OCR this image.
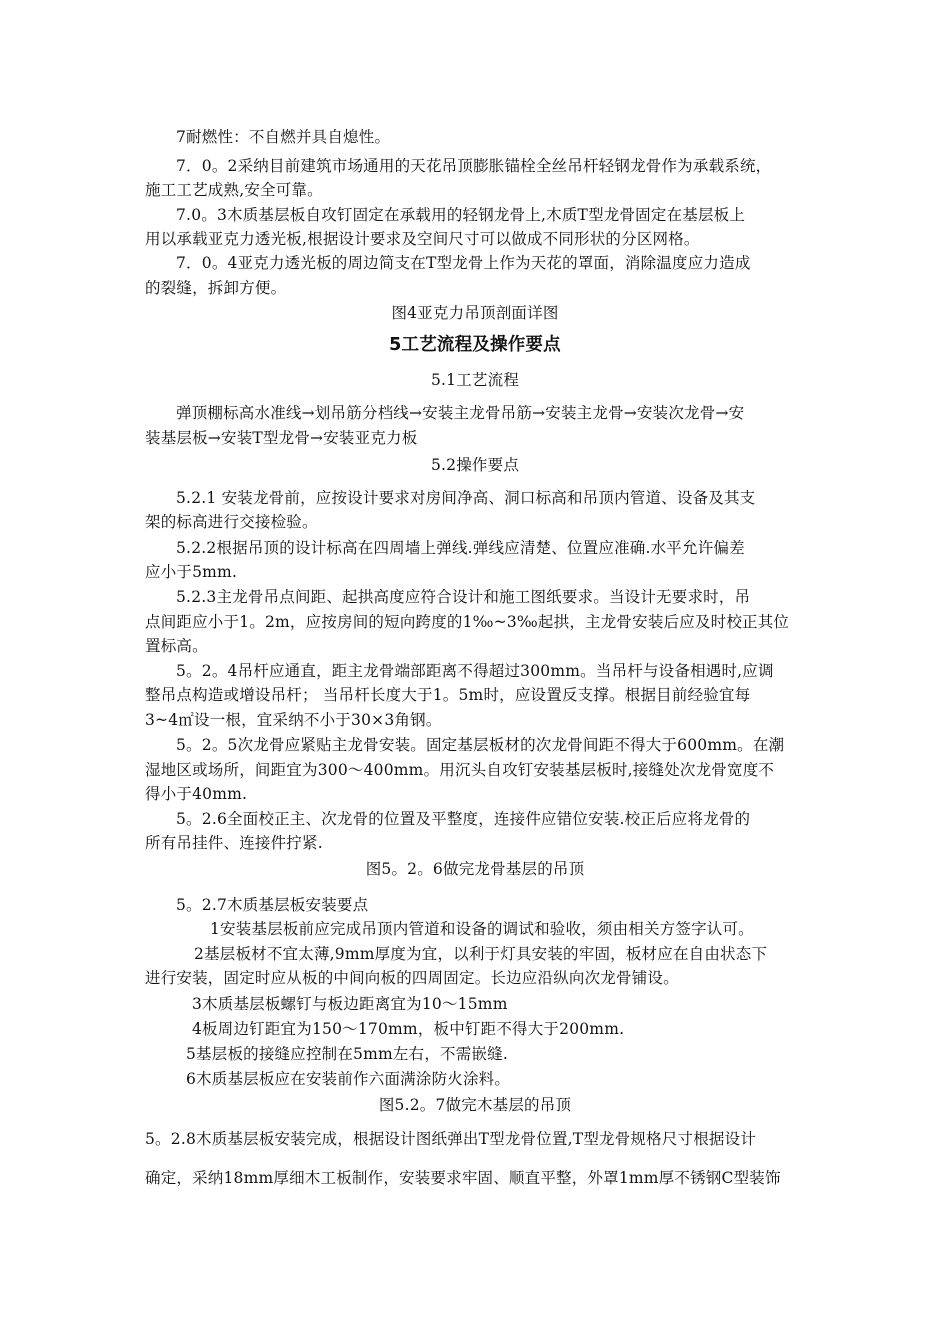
7耐燃性：不自燃并具自熄性。
7．0。2采纳目前建筑市场通用的天花吊顶膨胀锚栓全丝吊杆轻钢龙骨作为承载系统，
施工工艺成熟,安全可靠。
7.0。3木质基层板自攻钉固定在承载用的轻钢龙骨上,木质T型龙骨固定在基层板上
用以承载亚克力透光板,根据设计要求及空间尺寸可以做成不同形状的分区网格。
7．0。4亚克力透光板的周边简支在T型龙骨上作为天花的罩面，消除温度应力造成
的裂缝，拆卸方便。
图4亚克力吊顶剖面详图
5工艺流程及操作要点
5.1工艺流程
弹顶棚标高水准线→划吊筋分档线→安装主龙骨吊筋→安装主龙骨→安装次龙骨→安
装基层板→安装T型龙骨→安装亚克力板
5.2操作要点
5.2.1 安装龙骨前，应按设计要求对房间净高、洞口标高和吊顶内管道、设备及其支
架的标高进行交接检验。
5.2.2根据吊顶的设计标高在四周墙上弹线.弹线应清楚、位置应准确.水平允许偏差
应小于5mm.
5.2.3主龙骨吊点间距、起拱高度应符合设计和施工图纸要求。当设计无要求时，吊
点间距应小于1。2m，应按房间的短向跨度的1‰~3‰起拱，主龙骨安装后应及时校正其位
置标高。
5。2。4吊杆应通直，距主龙骨端部距离不得超过300mm。当吊杆与设备相遇时,应调
整吊点构造或增设吊杆； 当吊杆长度大于1。5m时，应设置反支撑。根据目前经验宜每
3~4㎡设一根，宜采纳不小于30×3角钢。
5。2。5次龙骨应紧贴主龙骨安装。固定基层板材的次龙骨间距不得大于600mm。在潮
湿地区或场所，间距宜为300～400mm。用沉头自攻钉安装基层板时,接缝处次龙骨宽度不
得小于40mm.
5。2.6全面校正主、次龙骨的位置及平整度，连接件应错位安装.校正后应将龙骨的
所有吊挂件、连接件拧紧.
图5。2。6做完龙骨基层的吊顶
5。2.7木质基层板安装要点
1安装基层板前应完成吊顶内管道和设备的调试和验收，须由相关方签字认可。
2基层板材不宜太薄,9mm厚度为宜，以利于灯具安装的牢固，板材应在自由状态下
进行安装，固定时应从板的中间向板的四周固定。长边应沿纵向次龙骨铺设。
3木质基层板螺钉与板边距离宜为10～15mm
4板周边钉距宜为150～170mm，板中钉距不得大于200mm.
5基层板的接缝应控制在5mm左右，不需嵌缝.
6木质基层板应在安装前作六面满涂防火涂料。
图5.2。7做完木基层的吊顶
5。2.8木质基层板安装完成，根据设计图纸弹出T型龙骨位置,T型龙骨规格尺寸根据设计
确定，采纳18mm厚细木工板制作，安装要求牢固、顺直平整，外罩1mm厚不锈钢C型装饰
